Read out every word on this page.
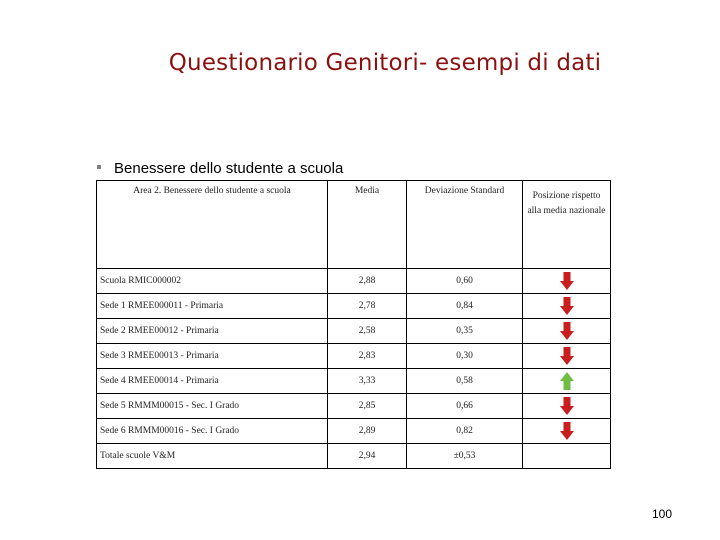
Questionario Genitori- esempi di dati
Benessere dello studente a scuola
Area 2. Benessere dello studente a scuola	Media	Deviazione Standard	Posizione rispetto alla media nazionale
Scuola RMIC000002	2,88	0,60	

Sede 1 RMEE000011 - Primaria	2,78	0,84	

Sede 2 RMEE00012 - Primaria	2,58	0,35	

Sede 3 RMEE00013 - Primaria	2,83	0,30	

Sede 4 RMEE00014 - Primaria	3,33	0,58	

Sede 5 RMMM00015 - Sec. I Grado	2,85	0,66	

Sede 6 RMMM00016 - Sec. I Grado	2,89	0,82	

Totale scuole V&M	2,94	±0,53	
100
